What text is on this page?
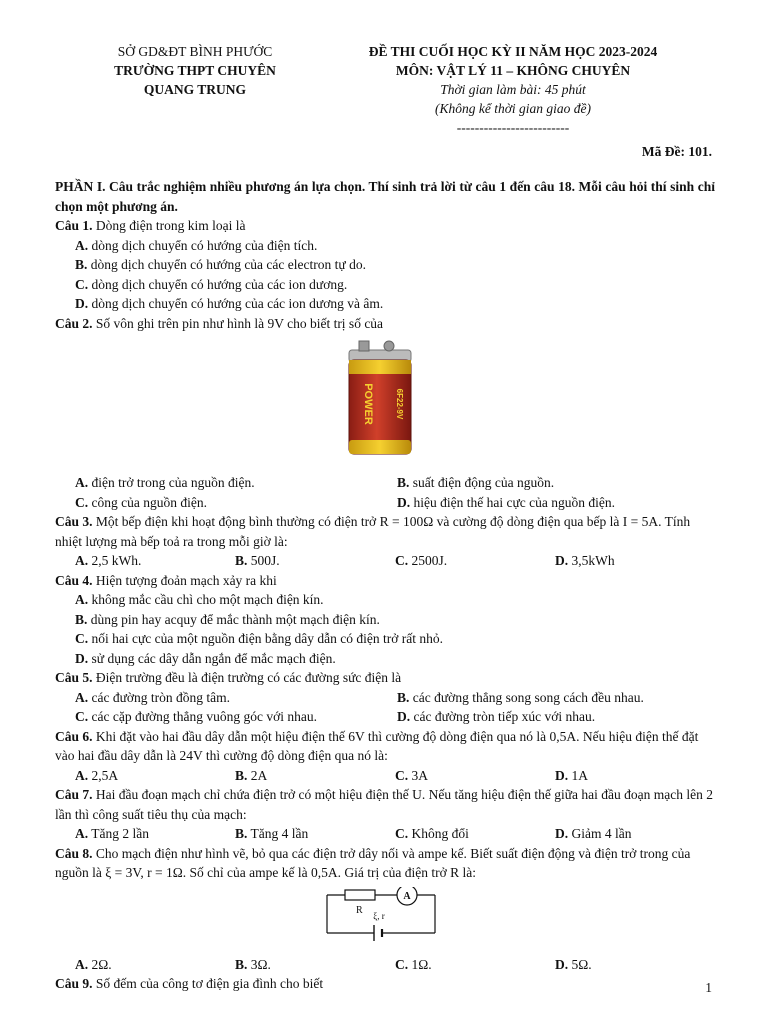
SỞ GD&ĐT BÌNH PHƯỚC
TRƯỜNG THPT CHUYÊN
QUANG TRUNG
ĐỀ THI CUỐI HỌC KỲ II NĂM HỌC 2023-2024
MÔN: VẬT LÝ 11 – KHÔNG CHUYÊN
Thời gian làm bài: 45 phút
(Không kể thời gian giao đề)
-------------------------
Mã Đề: 101.
PHẦN I. Câu trắc nghiệm nhiều phương án lựa chọn. Thí sinh trả lời từ câu 1 đến câu 18. Mỗi câu hỏi thí sinh chỉ chọn một phương án.
Câu 1. Dòng điện trong kim loại là
A. dòng dịch chuyển có hướng của điện tích.
B. dòng dịch chuyển có hướng của các electron tự do.
C. dòng dịch chuyển có hướng của các ion dương.
D. dòng dịch chuyển có hướng của các ion dương và âm.
Câu 2. Số vôn ghi trên pin như hình là 9V cho biết trị số của
POWER	6F22-9V
A. điện trở trong của nguồn điện.	B. suất điện động của nguồn.
C. công của nguồn điện.	D. hiệu điện thế hai cực của nguồn điện.
Câu 3. Một bếp điện khi hoạt động bình thường có điện trở R = 100Ω và cường độ dòng điện qua bếp là I = 5A. Tính nhiệt lượng mà bếp toả ra trong mỗi giờ là:
A. 2,5 kWh.	B. 500J.	C. 2500J.	D. 3,5kWh
Câu 4. Hiện tượng đoản mạch xảy ra khi
A. không mắc cầu chì cho một mạch điện kín.
B. dùng pin hay acquy để mắc thành một mạch điện kín.
C. nối hai cực của một nguồn điện bằng dây dẫn có điện trở rất nhỏ.
D. sử dụng các dây dẫn ngắn để mắc mạch điện.
Câu 5. Điện trường đều là điện trường có các đường sức điện là
A. các đường tròn đồng tâm.	B. các đường thẳng song song cách đều nhau.
C. các cặp đường thẳng vuông góc với nhau.	D. các đường tròn tiếp xúc với nhau.
Câu 6. Khi đặt vào hai đầu dây dẫn một hiệu điện thế 6V thì cường độ dòng điện qua nó là 0,5A. Nếu hiệu điện thế đặt vào hai đầu dây dẫn là 24V thì cường độ dòng điện qua nó là:
A. 2,5A	B. 2A	C. 3A	D. 1A
Câu 7. Hai đầu đoạn mạch chỉ chứa điện trở có một hiệu điện thế U. Nếu tăng hiệu điện thế giữa hai đầu đoạn mạch lên 2 lần thì công suất tiêu thụ của mạch:
A. Tăng 2 lần	B. Tăng 4 lần	C. Không đổi	D. Giảm 4 lần
Câu 8. Cho mạch điện như hình vẽ, bỏ qua các điện trở dây nối và ampe kế. Biết suất điện động và điện trở trong của nguồn là ξ = 3V, r = 1Ω. Số chỉ của ampe kế là 0,5A. Giá trị của điện trở R là:
R
A
ξ, r
A. 2Ω.	B. 3Ω.	C. 1Ω.	D. 5Ω.
Câu 9. Số đếm của công tơ điện gia đình cho biết	1
